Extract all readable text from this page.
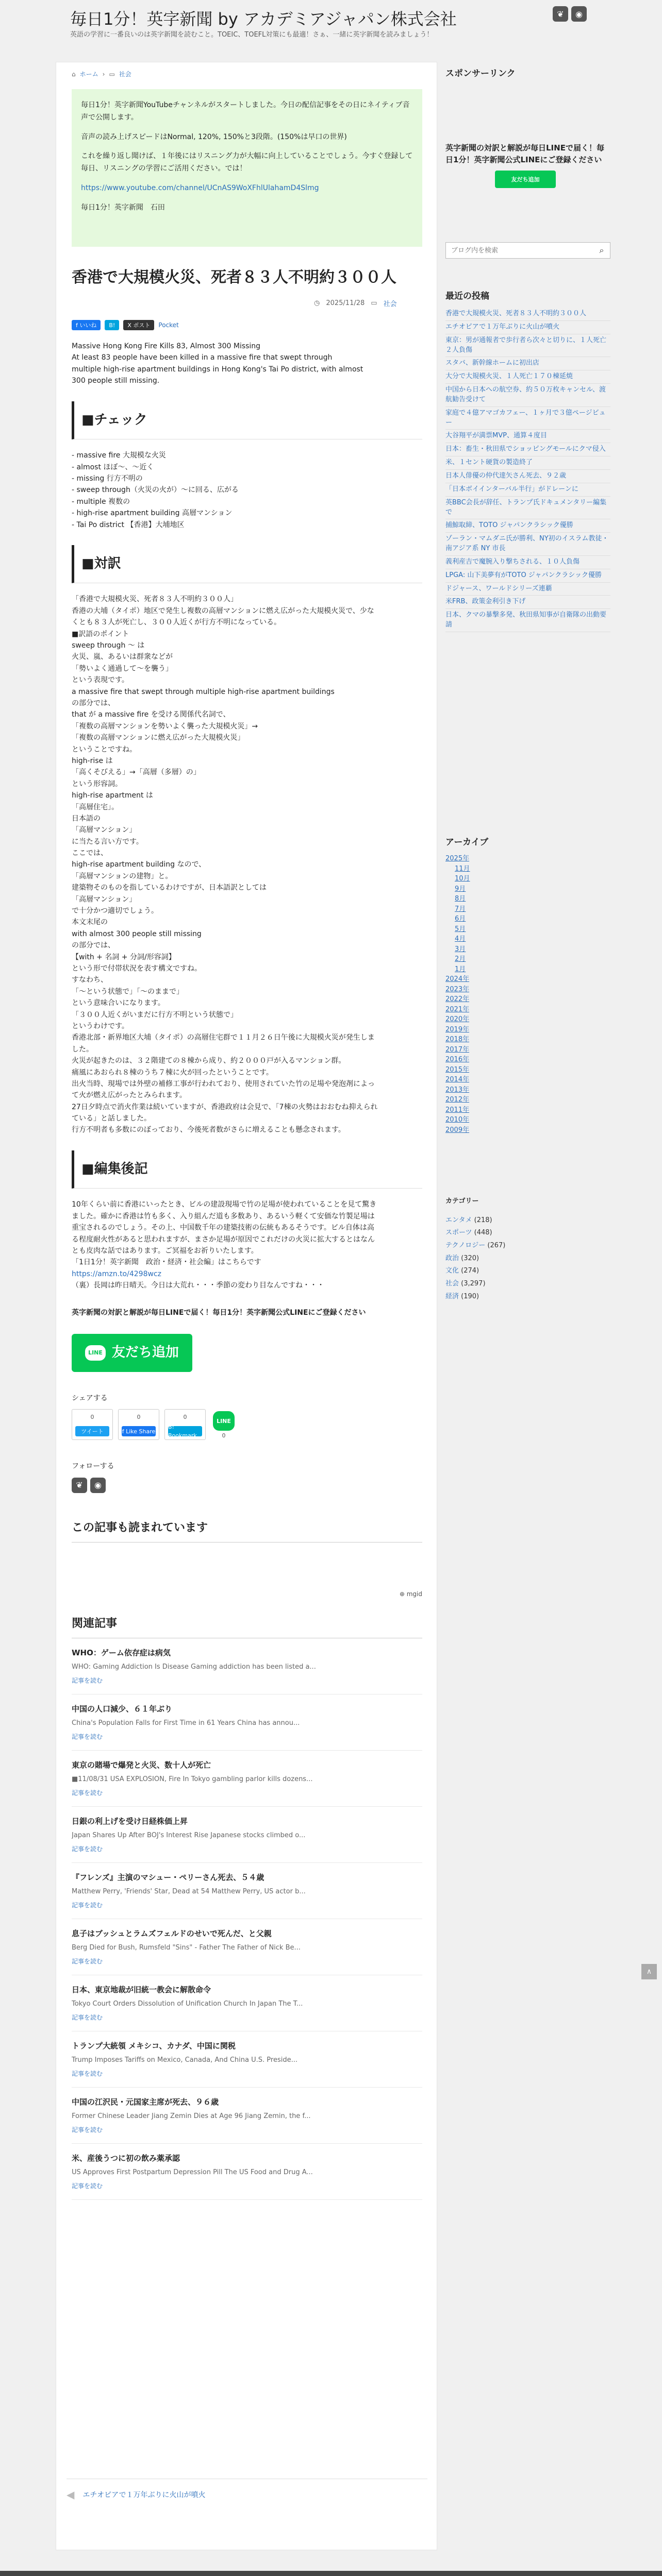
毎日1分！英字新聞 by アカデミアジャパン株式会社
英語の学習に一番良いのは英字新聞を読むこと。TOEIC、TOEFL対策にも最適！さぁ、一緒に英字新聞を読みましょう！
❦	◉
⌂ ホーム › ▭ 社会

毎日1分！英字新聞YouTubeチャンネルがスタートしました。今日の配信記事をその日にネイティブ音声で公開します。

音声の読み上げスピードはNormal, 120%, 150%と3段階。(150%は早口の世界)

これを繰り返し聞けば、１年後にはリスニング力が大幅に向上していることでしょう。今すぐ登録して毎日、リスニングの学習にご活用ください。では！

https://www.youtube.com/channel/UCnAS9WoXFhlUlahamD4Slmg

毎日1分！英字新聞　石田

香港で大規模火災、死者８３人不明約３００人
◷ 2025/11/28 ▭ 社会
f いいね	B!	X ポスト	Pocket
Massive Hong Kong Fire Kills 83, Almost 300 Missing
At least 83 people have been killed in a massive fire that swept through
multiple high-rise apartment buildings in Hong Kong's Tai Po district, with almost
300 people still missing.
■チェック
- massive fire 大規模な火災
- almost ほぼ〜、〜近く
- missing 行方不明の
- sweep through（火災の火が）〜に回る、広がる
- multiple 複数の
- high-rise apartment building 高層マンション
- Tai Po district 【香港】大埔地区
■対訳
「香港で大規模火災、死者８３人不明約３００人」
香港の大埔（タイポ）地区で発生し複数の高層マンションに燃え広がった大規模火災で、少な
くとも８３人が死亡し、３００人近くが行方不明になっている。
■訳語のポイント
sweep through 〜 は
火災、嵐、あるいは群衆などが
「勢いよく通過して〜を襲う」
という表現です。
a massive fire that swept through multiple high-rise apartment buildings
の部分では、
that が a massive fire を受ける関係代名詞で、
「複数の高層マンションを勢いよく襲った大規模火災」→
「複数の高層マンションに燃え広がった大規模火災」
ということですね。
high-rise は
「高くそびえる」→「高層（多層）の」
という形容詞。
high-rise apartment は
「高層住宅」。
日本語の
「高層マンション」
に当たる言い方です。
ここでは、
high-rise apartment building なので、
「高層マンションの建物」と。
建築物そのものを指しているわけですが、日本語訳としては
「高層マンション」
で十分かつ適切でしょう。
本文末尾の
with almost 300 people still missing
の部分では、
【with + 名詞 + 分詞/形容詞】
という形で付帯状況を表す構文ですね。
すなわち、
「〜という状態で」「〜のままで」
という意味合いになります。
「３００人近くがいまだに行方不明という状態で」
というわけです。
香港北部・新界地区大埔（タイポ）の高層住宅群で１１月２６日午後に大規模火災が発生しま
した。
火災が起きたのは、３２階建ての８棟から成り、約２０００戸が入るマンション群。
痛風にあおられ８棟のうち７棟に火が回ったということです。
出火当時、現場では外壁の補修工事が行われており、使用されていた竹の足場や発泡剤によっ
て火が燃え広がったとみられます。
27日夕時点で消火作業は続いていますが、香港政府は会見で、「7棟の火勢はおおむね抑えられ
ている」と話しました。
行方不明者も多数にのぼっており、今後死者数がさらに増えることも懸念されます。
■編集後記
10年くらい前に香港にいったとき、ビルの建設現場で竹の足場が使われていることを見て驚き
ました。確かに香港は竹も多く、入り組んだ道も多数あり、あるいう軽くて安価な竹製足場は
重宝されるのでしょう。その上、中国数千年の建築技術の伝統もあるそうです。ビル自体は高
る程度耐火性があると思われますが、まさか足場が原因でこれだけの火災に拡大するとはなん
とも皮肉な話ではあります。ご冥福をお祈りいたします。
「1日1分！英字新聞　政治・経済・社会編」はこちらです
https://amzn.to/4298wcz
（裏）長岡は昨日晴天。今日は大荒れ・・・季節の変わり目なんですね・・・
英字新聞の対訳と解説が毎日LINEで届く！毎日1分！英字新聞公式LINEにご登録ください
LINE 友だち追加
シェアする
0
ツイート
0
f Like Share
0
B! Bookmark
LINE
0
フォローする
❦	◉
この記事も読まれています
⊕ mgid
関連記事
WHO：ゲーム依存症は病気
WHO: Gaming Addiction Is Disease Gaming addiction has been listed a...
記事を読む
中国の人口減少、６１年ぶり
China's Population Falls for First Time in 61 Years China has annou...
記事を読む
東京の賭場で爆発と火災、数十人が死亡
■11/08/31 USA EXPLOSION, Fire In Tokyo gambling parlor kills dozens...
記事を読む
日銀の利上げを受け日経株価上昇
Japan Shares Up After BOJ's Interest Rise Japanese stocks climbed o...
記事を読む
『フレンズ』主演のマシュー・ペリーさん死去、５４歳
Matthew Perry, 'Friends' Star, Dead at 54 Matthew Perry, US actor b...
記事を読む
息子はブッシュとラムズフェルドのせいで死んだ、と父親
Berg Died for Bush, Rumsfeld "Sins" - Father The Father of Nick Be...
記事を読む
日本、東京地裁が旧統一教会に解散命令
Tokyo Court Orders Dissolution of Unification Church In Japan The T...
記事を読む
トランプ大統領 メキシコ、カナダ、中国に関税
Trump Imposes Tariffs on Mexico, Canada, And China U.S. Preside...
記事を読む
中国の江沢民・元国家主席が死去、９６歳
Former Chinese Leader Jiang Zemin Dies at Age 96 Jiang Zemin, the f...
記事を読む
米、産後うつに初の飲み薬承認
US Approves First Postpartum Depression Pill The US Food and Drug A...
記事を読む
◀ エチオピアで１万年ぶりに火山が噴火
スポンサーリンク
英字新聞の対訳と解説が毎日LINEで届く！毎日1分！英字新聞公式LINEにご登録ください
友だち追加
ブログ内を検索
⌕
最近の投稿
香港で大規模火災、死者８３人不明約３００人
エチオピアで１万年ぶりに火山が噴火
東京：男が通報者で歩行者ら次々と切りに、１人死亡２人負傷
スタバ、新幹線ホームに初出店
大分で大規模火災、１人死亡１７０棟延焼
中国から日本への航空券、約５０万枚キャンセル、渡航勧告受けて
家庭で４億アマゴカフェー、１ヶ月で３億ページビュー
大谷翔平が満票MVP、通算４度目
日本：畜生・秋田県でショッピングモールにクマ侵入
米、１セント硬貨の製造終了
日本人俳優の仲代達矢さん死去、９２歳
「日本ボイインターバル半行」がドレーンに
英BBC会長が辞任、トランプ氏ドキュメンタリー編集で
捕鯨取締、TOTO ジャパンクラシック優勝
ゾーラン・マムダニ氏が勝利、NY初のイスラム教徒・南アジア系 NY 市長
義利産吉で魔腕入り撃ちされる、１０人負傷
LPGA: 山下美夢有がTOTO ジャパンクラシック優勝
ドジャース、ワールドシリーズ連覇
米FRB、政策金利引き下げ
日本、クマの暴撃多発、秋田県知事が自衛隊の出動要請
アーカイブ
2025年
11月
10月
9月
8月
7月
6月
5月
4月
3月
2月
1月
2024年
2023年
2022年
2021年
2020年
2019年
2018年
2017年
2016年
2015年
2014年
2013年
2012年
2011年
2010年
2009年
カテゴリー
エンタメ (218)
スポーツ (448)
テクノロジー (267)
政治 (320)
文化 (274)
社会 (3,297)
経済 (190)
∧
